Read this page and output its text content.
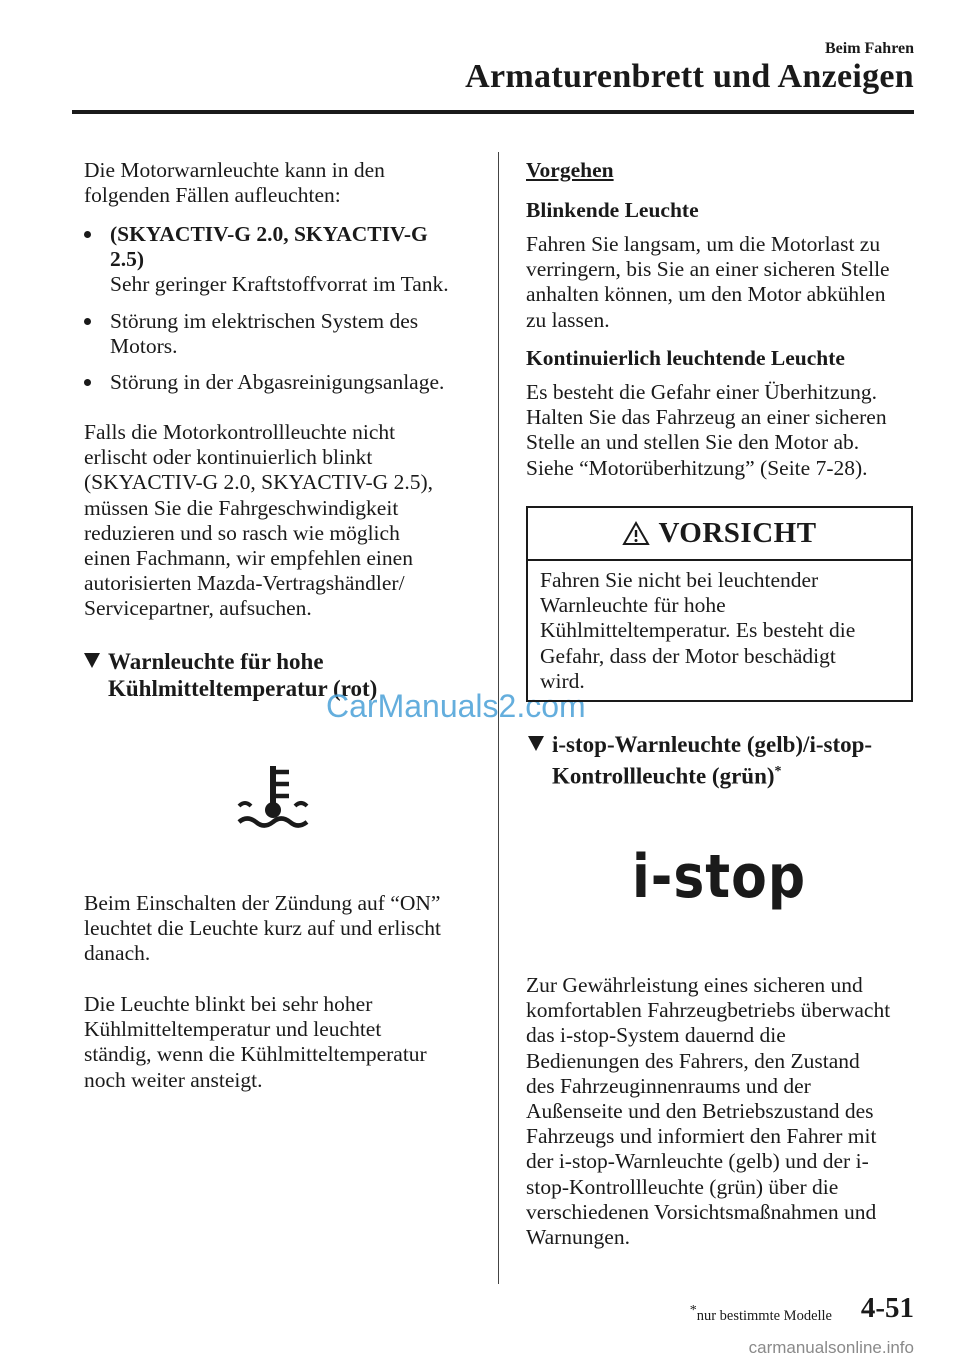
Beim Fahren
Armaturenbrett und Anzeigen

Die Motorwarnleuchte kann in den

folgenden Fällen aufleuchten:

(SKYACTIV-G 2.0, SKYACTIV-G

2.5)

Sehr geringer Kraftstoffvorrat im Tank.

Störung im elektrischen System des

Motors.

Störung in der Abgasreinigungsanlage.

Falls die Motorkontrollleuchte nicht

erlischt oder kontinuierlich blinkt

(SKYACTIV-G 2.0, SKYACTIV-G 2.5),

müssen Sie die Fahrgeschwindigkeit

reduzieren und so rasch wie möglich

einen Fachmann, wir empfehlen einen

autorisierten Mazda-Vertragshändler/

Servicepartner, aufsuchen.

Warnleuchte für hohe
Kühlmitteltemperatur (rot)
CarManuals2.com

Beim Einschalten der Zündung auf “ON”

leuchtet die Leuchte kurz auf und erlischt

danach.

Die Leuchte blinkt bei sehr hoher

Kühlmitteltemperatur und leuchtet

ständig, wenn die Kühlmitteltemperatur

noch weiter ansteigt.

Vorgehen
Blinkende Leuchte

Fahren Sie langsam, um die Motorlast zu

verringern, bis Sie an einer sicheren Stelle

anhalten können, um den Motor abkühlen

zu lassen.

Kontinuierlich leuchtende Leuchte

Es besteht die Gefahr einer Überhitzung.

Halten Sie das Fahrzeug an einer sicheren

Stelle an und stellen Sie den Motor ab.

Siehe “Motorüberhitzung” (Seite 7-28).

VORSICHT

Fahren Sie nicht bei leuchtender

Warnleuchte für hohe

Kühlmitteltemperatur. Es besteht die

Gefahr, dass der Motor beschädigt

wird.

i-stop-Warnleuchte (gelb)/i-stop-
Kontrollleuchte (grün)*
i-stop

Zur Gewährleistung eines sicheren und

komfortablen Fahrzeugbetriebs überwacht

das i-stop-System dauernd die

Bedienungen des Fahrers, den Zustand

des Fahrzeuginnenraums und der

Außenseite und den Betriebszustand des

Fahrzeugs und informiert den Fahrer mit

der i-stop-Warnleuchte (gelb) und der i-

stop-Kontrollleuchte (grün) über die

verschiedenen Vorsichtsmaßnahmen und

Warnungen.

*nur bestimmte Modelle 4-51
carmanualsonline.info
